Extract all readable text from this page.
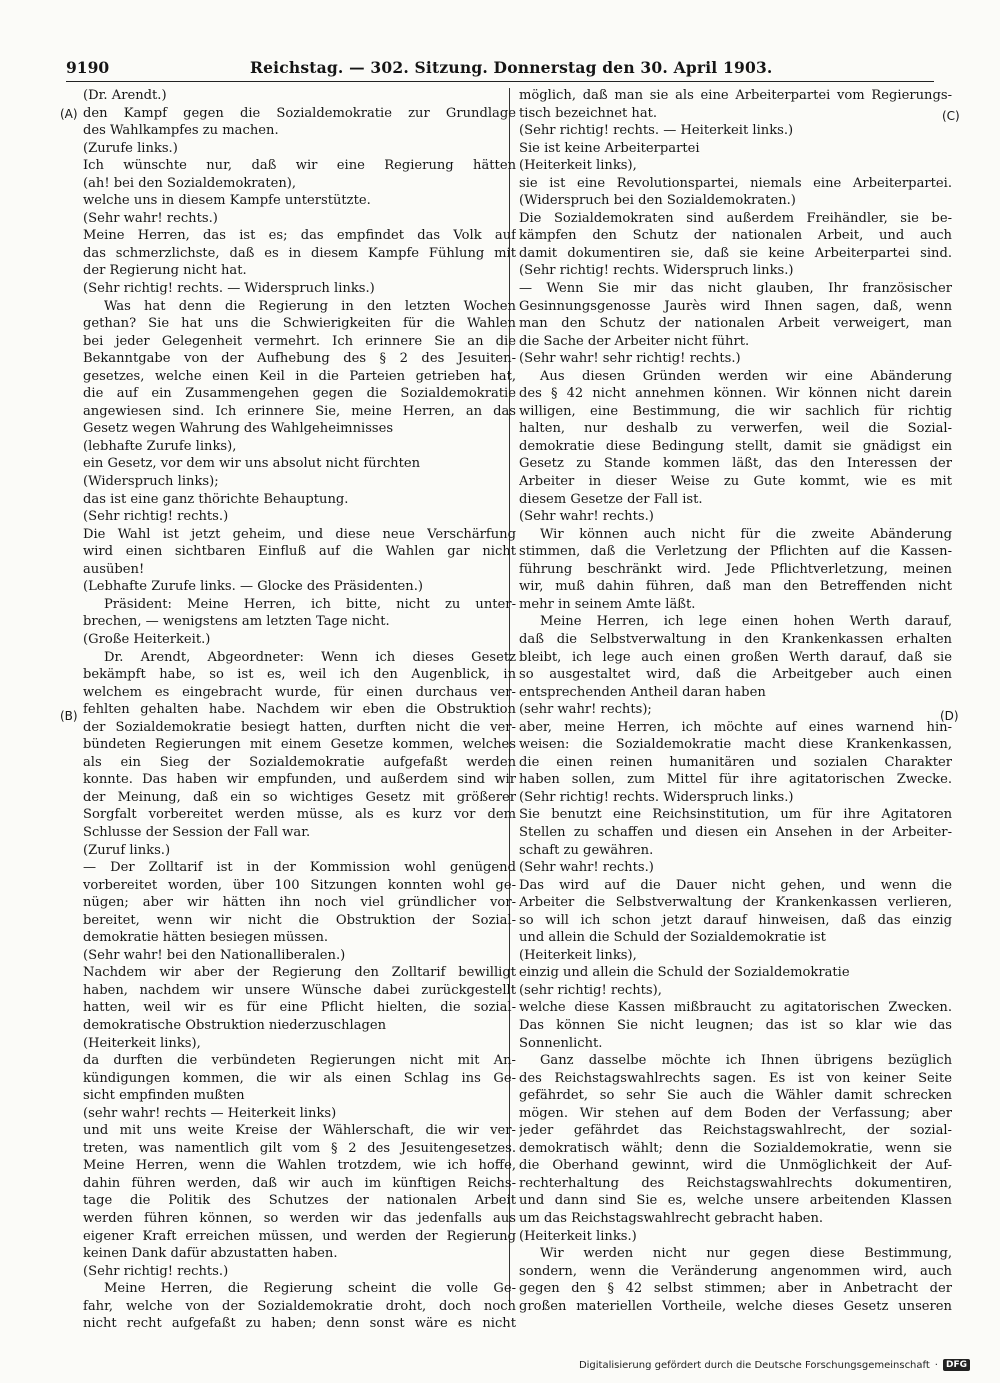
9190	Reichstag. — 302. Sitzung. Donnerstag den 30. April 1903.
(A)
(B)
(C)
(D)

(Dr. Arendt.)

den Kampf gegen die Sozialdemokratie zur Grundlage

des Wahlkampfes zu machen.

(Zurufe links.)

Ich wünschte nur, daß wir eine Regierung hätten

(ah! bei den Sozialdemokraten),

welche uns in diesem Kampfe unterstützte.

(Sehr wahr! rechts.)

Meine Herren, das ist es; das empfindet das Volk auf

das schmerzlichste, daß es in diesem Kampfe Fühlung mit

der Regierung nicht hat.

(Sehr richtig! rechts. — Widerspruch links.)

Was hat denn die Regierung in den letzten Wochen

gethan? Sie hat uns die Schwierigkeiten für die Wahlen

bei jeder Gelegenheit vermehrt. Ich erinnere Sie an die

Bekanntgabe von der Aufhebung des § 2 des Jesuiten-

gesetzes, welche einen Keil in die Parteien getrieben hat,

die auf ein Zusammengehen gegen die Sozialdemokratie

angewiesen sind. Ich erinnere Sie, meine Herren, an das

Gesetz wegen Wahrung des Wahlgeheimnisses

(lebhafte Zurufe links),

ein Gesetz, vor dem wir uns absolut nicht fürchten

(Widerspruch links);

das ist eine ganz thörichte Behauptung.

(Sehr richtig! rechts.)

Die Wahl ist jetzt geheim, und diese neue Verschärfung

wird einen sichtbaren Einfluß auf die Wahlen gar nicht

ausüben!

(Lebhafte Zurufe links. — Glocke des Präsidenten.)

Präsident: Meine Herren, ich bitte, nicht zu unter-

brechen, — wenigstens am letzten Tage nicht.

(Große Heiterkeit.)

Dr. Arendt, Abgeordneter: Wenn ich dieses Gesetz

bekämpft habe, so ist es, weil ich den Augenblick, in

welchem es eingebracht wurde, für einen durchaus ver-

fehlten gehalten habe. Nachdem wir eben die Obstruktion

der Sozialdemokratie besiegt hatten, durften nicht die ver-

bündeten Regierungen mit einem Gesetze kommen, welches

als ein Sieg der Sozialdemokratie aufgefaßt werden

konnte. Das haben wir empfunden, und außerdem sind wir

der Meinung, daß ein so wichtiges Gesetz mit größerer

Sorgfalt vorbereitet werden müsse, als es kurz vor dem

Schlusse der Session der Fall war.

(Zuruf links.)

— Der Zolltarif ist in der Kommission wohl genügend

vorbereitet worden, über 100 Sitzungen konnten wohl ge-

nügen; aber wir hätten ihn noch viel gründlicher vor-

bereitet, wenn wir nicht die Obstruktion der Sozial-

demokratie hätten besiegen müssen.

(Sehr wahr! bei den Nationalliberalen.)

Nachdem wir aber der Regierung den Zolltarif bewilligt

haben, nachdem wir unsere Wünsche dabei zurückgestellt

hatten, weil wir es für eine Pflicht hielten, die sozial-

demokratische Obstruktion niederzuschlagen

(Heiterkeit links),

da durften die verbündeten Regierungen nicht mit An-

kündigungen kommen, die wir als einen Schlag ins Ge-

sicht empfinden mußten

(sehr wahr! rechts — Heiterkeit links)

und mit uns weite Kreise der Wählerschaft, die wir ver-

treten, was namentlich gilt vom § 2 des Jesuitengesetzes.

Meine Herren, wenn die Wahlen trotzdem, wie ich hoffe,

dahin führen werden, daß wir auch im künftigen Reichs-

tage die Politik des Schutzes der nationalen Arbeit

werden führen können, so werden wir das jedenfalls aus

eigener Kraft erreichen müssen, und werden der Regierung

keinen Dank dafür abzustatten haben.

(Sehr richtig! rechts.)

Meine Herren, die Regierung scheint die volle Ge-

fahr, welche von der Sozialdemokratie droht, doch noch

nicht recht aufgefaßt zu haben; denn sonst wäre es nicht

möglich, daß man sie als eine Arbeiterpartei vom Regierungs-

tisch bezeichnet hat.

(Sehr richtig! rechts. — Heiterkeit links.)

Sie ist keine Arbeiterpartei

(Heiterkeit links),

sie ist eine Revolutionspartei, niemals eine Arbeiterpartei.

(Widerspruch bei den Sozialdemokraten.)

Die Sozialdemokraten sind außerdem Freihändler, sie be-

kämpfen den Schutz der nationalen Arbeit, und auch

damit dokumentiren sie, daß sie keine Arbeiterpartei sind.

(Sehr richtig! rechts. Widerspruch links.)

— Wenn Sie mir das nicht glauben, Ihr französischer

Gesinnungsgenosse Jaurès wird Ihnen sagen, daß, wenn

man den Schutz der nationalen Arbeit verweigert, man

die Sache der Arbeiter nicht führt.

(Sehr wahr! sehr richtig! rechts.)

Aus diesen Gründen werden wir eine Abänderung

des § 42 nicht annehmen können. Wir können nicht darein

willigen, eine Bestimmung, die wir sachlich für richtig

halten, nur deshalb zu verwerfen, weil die Sozial-

demokratie diese Bedingung stellt, damit sie gnädigst ein

Gesetz zu Stande kommen läßt, das den Interessen der

Arbeiter in dieser Weise zu Gute kommt, wie es mit

diesem Gesetze der Fall ist.

(Sehr wahr! rechts.)

Wir können auch nicht für die zweite Abänderung

stimmen, daß die Verletzung der Pflichten auf die Kassen-

führung beschränkt wird. Jede Pflichtverletzung, meinen

wir, muß dahin führen, daß man den Betreffenden nicht

mehr in seinem Amte läßt.

Meine Herren, ich lege einen hohen Werth darauf,

daß die Selbstverwaltung in den Krankenkassen erhalten

bleibt, ich lege auch einen großen Werth darauf, daß sie

so ausgestaltet wird, daß die Arbeitgeber auch einen

entsprechenden Antheil daran haben

(sehr wahr! rechts);

aber, meine Herren, ich möchte auf eines warnend hin-

weisen: die Sozialdemokratie macht diese Krankenkassen,

die einen reinen humanitären und sozialen Charakter

haben sollen, zum Mittel für ihre agitatorischen Zwecke.

(Sehr richtig! rechts. Widerspruch links.)

Sie benutzt eine Reichsinstitution, um für ihre Agitatoren

Stellen zu schaffen und diesen ein Ansehen in der Arbeiter-

schaft zu gewähren.

(Sehr wahr! rechts.)

Das wird auf die Dauer nicht gehen, und wenn die

Arbeiter die Selbstverwaltung der Krankenkassen verlieren,

so will ich schon jetzt darauf hinweisen, daß das einzig

und allein die Schuld der Sozialdemokratie ist

(Heiterkeit links),

einzig und allein die Schuld der Sozialdemokratie

(sehr richtig! rechts),

welche diese Kassen mißbraucht zu agitatorischen Zwecken.

Das können Sie nicht leugnen; das ist so klar wie das

Sonnenlicht.

Ganz dasselbe möchte ich Ihnen übrigens bezüglich

des Reichstagswahlrechts sagen. Es ist von keiner Seite

gefährdet, so sehr Sie auch die Wähler damit schrecken

mögen. Wir stehen auf dem Boden der Verfassung; aber

jeder gefährdet das Reichstagswahlrecht, der sozial-

demokratisch wählt; denn die Sozialdemokratie, wenn sie

die Oberhand gewinnt, wird die Unmöglichkeit der Auf-

rechterhaltung des Reichstagswahlrechts dokumentiren,

und dann sind Sie es, welche unsere arbeitenden Klassen

um das Reichstagswahlrecht gebracht haben.

(Heiterkeit links.)

Wir werden nicht nur gegen diese Bestimmung,

sondern, wenn die Veränderung angenommen wird, auch

gegen den § 42 selbst stimmen; aber in Anbetracht der

großen materiellen Vortheile, welche dieses Gesetz unseren

Digitalisierung gefördert durch die Deutsche Forschungsgemeinschaft · DFG
